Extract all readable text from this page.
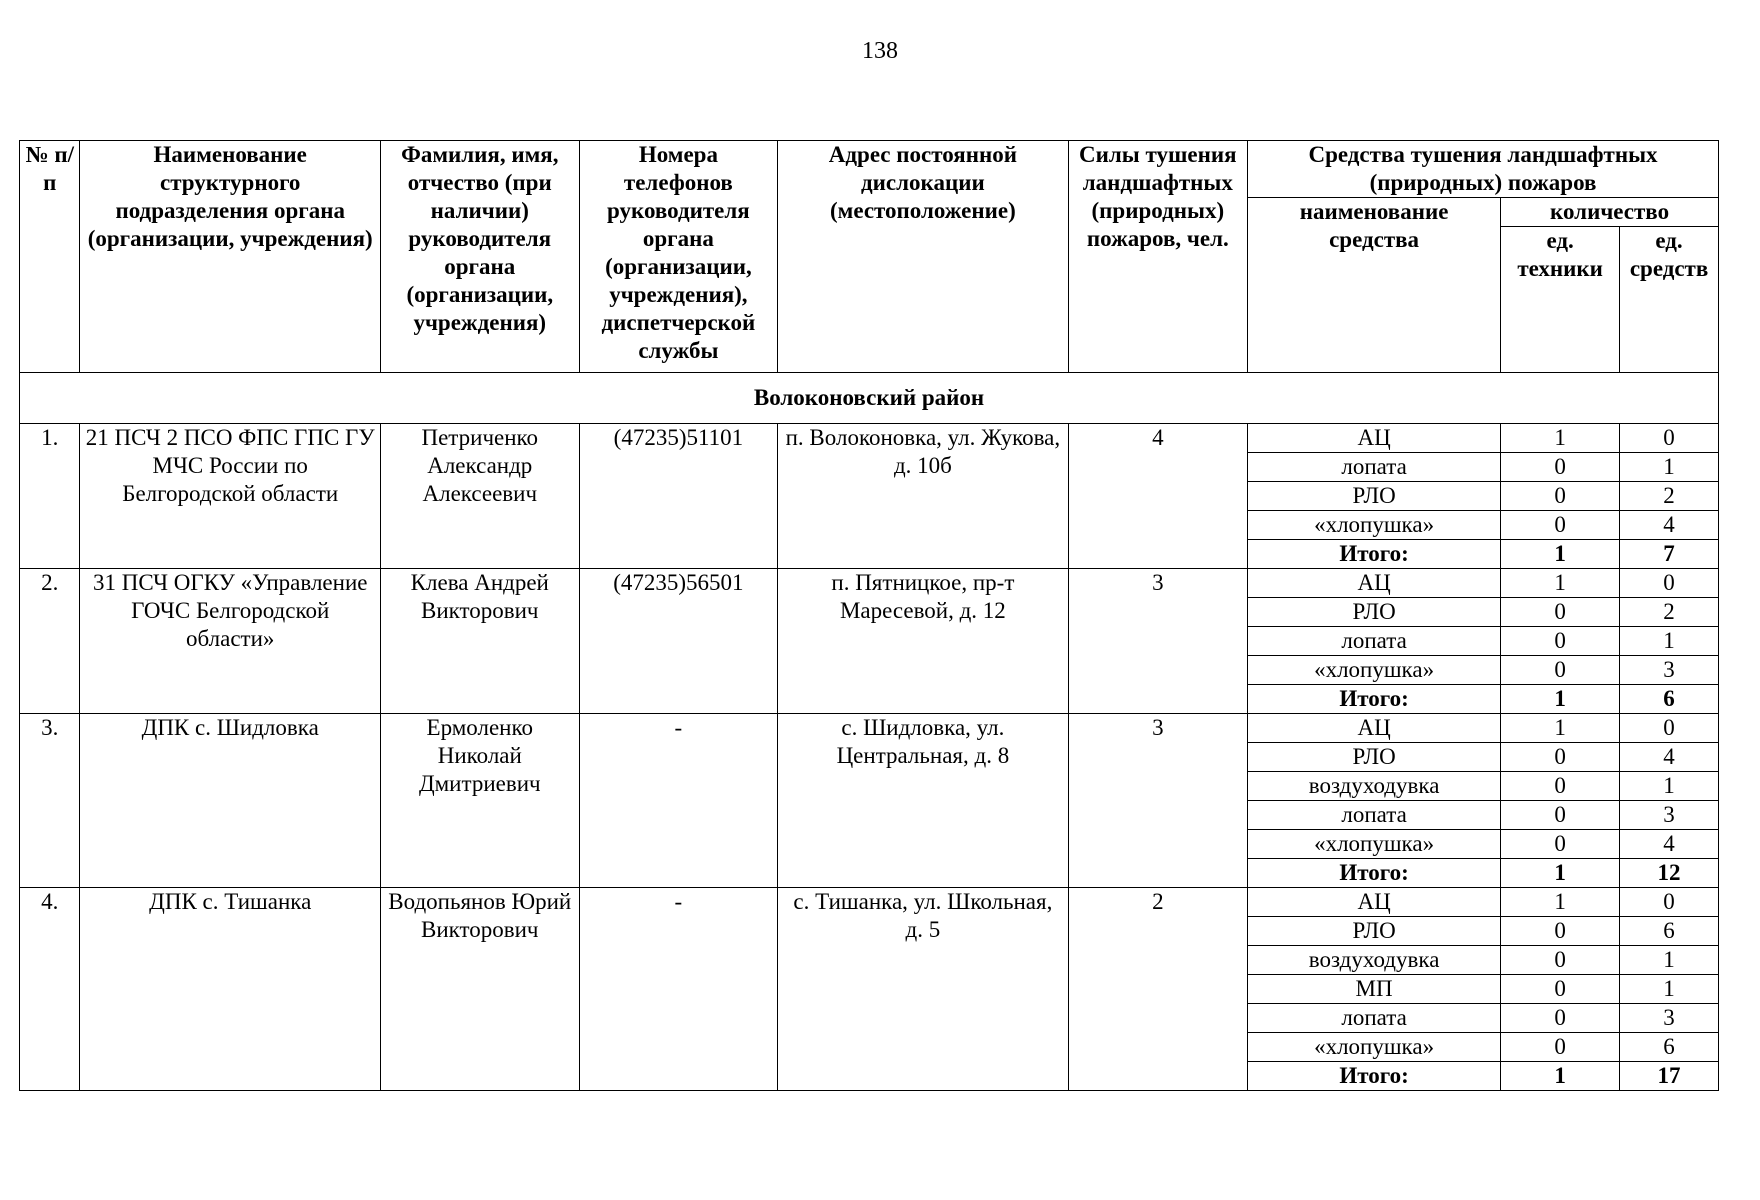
138
№ п/п	Наименование структурного подразделения органа (организации, учреждения)	Фамилия, имя, отчество (при наличии) руководителя органа (организации, учреждения)	Номера телефонов руководителя органа (организации, учреждения), диспетчерской службы	Адрес постоянной дислокации (местоположение)	Силы тушения ландшафтных (природных) пожаров, чел.	Средства тушения ландшафтных (природных) пожаров		
						наименование средства	количество	
							ед. техники	ед. средств
Волоконовский район								
1.	21 ПСЧ 2 ПСО ФПС ГПС ГУ МЧС России по Белгородской области	Петриченко Александр Алексеевич	(47235)51101	п. Волоконовка, ул. Жукова, д. 10б	4	АЦ	1	0
						лопата	0	1
						РЛО	0	2
						«хлопушка»	0	4
						Итого:	1	7
2.	31 ПСЧ ОГКУ «Управление ГОЧС Белгородской области»	Клева Андрей Викторович	(47235)56501	п. Пятницкое, пр-т Маресевой, д. 12	3	АЦ	1	0
						РЛО	0	2
						лопата	0	1
						«хлопушка»	0	3
						Итого:	1	6
3.	ДПК с. Шидловка	Ермоленко Николай Дмитриевич	-	с. Шидловка, ул. Центральная, д. 8	3	АЦ	1	0
						РЛО	0	4
						воздуходувка	0	1
						лопата	0	3
						«хлопушка»	0	4
						Итого:	1	12
4.	ДПК с. Тишанка	Водопьянов Юрий Викторович	-	с. Тишанка, ул. Школьная, д. 5	2	АЦ	1	0
						РЛО	0	6
						воздуходувка	0	1
						МП	0	1
						лопата	0	3
						«хлопушка»	0	6
						Итого:	1	17
